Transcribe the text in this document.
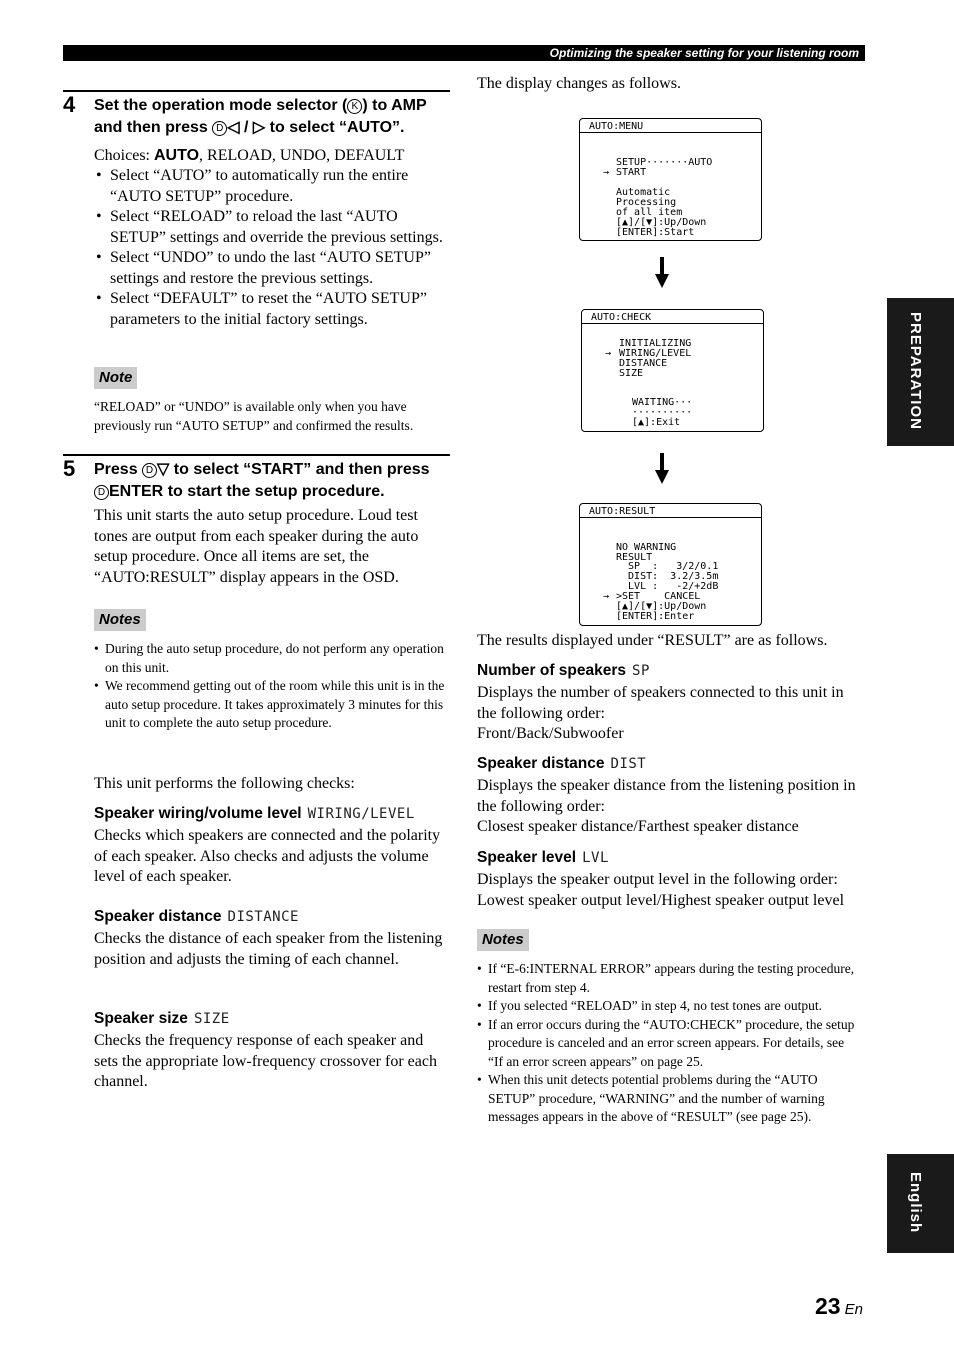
Optimizing the speaker setting for your listening room
4 Set the operation mode selector ( K ) to AMP
and then press D ◁ / ▷ to select “AUTO”.
Choices: AUTO, RELOAD, UNDO, DEFAULT
• Select “AUTO” to automatically run the entire “AUTO SETUP” procedure.
• Select “RELOAD” to reload the last “AUTO SETUP” settings and override the previous settings.
• Select “UNDO” to undo the last “AUTO SETUP” settings and restore the previous settings.
• Select “DEFAULT” to reset the “AUTO SETUP” parameters to the initial factory settings.
Note
“RELOAD” or “UNDO” is available only when you have previously run “AUTO SETUP” and confirmed the results.
5 Press D ▽ to select “START” and then press
D ENTER to start the setup procedure.
This unit starts the auto setup procedure. Loud test tones are output from each speaker during the auto setup procedure. Once all items are set, the “AUTO:RESULT” display appears in the OSD.
Notes
• During the auto setup procedure, do not perform any operation on this unit.
• We recommend getting out of the room while this unit is in the auto setup procedure. It takes approximately 3 minutes for this unit to complete the auto setup procedure.
This unit performs the following checks:
Speaker wiring/volume level WIRING/LEVEL
Checks which speakers are connected and the polarity of each speaker. Also checks and adjusts the volume level of each speaker.
Speaker distance DISTANCE
Checks the distance of each speaker from the listening position and adjusts the timing of each channel.
Speaker size SIZE
Checks the frequency response of each speaker and sets the appropriate low-frequency crossover for each channel.
The display changes as follows.
AUTO:MENU
SETUP·······AUTO
→ START
Automatic
Processing
of all item
[▲]/[▼]:Up/Down
[ENTER]:Start
AUTO:CHECK
INITIALIZING
→ WIRING/LEVEL
DISTANCE
SIZE
WAITING···
··········
[▲]:Exit
AUTO:RESULT
NO WARNING
RESULT
SP  :   3/2/0.1
DIST:  3.2/3.5m
LVL :   -2/+2dB
→ >SET    CANCEL
[▲]/[▼]:Up/Down
[ENTER]:Enter
The results displayed under “RESULT” are as follows.
Number of speakers SP
Displays the number of speakers connected to this unit in the following order:
Front/Back/Subwoofer
Speaker distance DIST
Displays the speaker distance from the listening position in the following order:
Closest speaker distance/Farthest speaker distance
Speaker level LVL
Displays the speaker output level in the following order:
Lowest speaker output level/Highest speaker output level
Notes
• If “E-6:INTERNAL ERROR” appears during the testing procedure, restart from step 4.
• If you selected “RELOAD” in step 4, no test tones are output.
• If an error occurs during the “AUTO:CHECK” procedure, the setup procedure is canceled and an error screen appears. For details, see “If an error screen appears” on page 25.
• When this unit detects potential problems during the “AUTO SETUP” procedure, “WARNING” and the number of warning messages appears in the above of “RESULT” (see page 25).
PREPARATION
English
23 En
